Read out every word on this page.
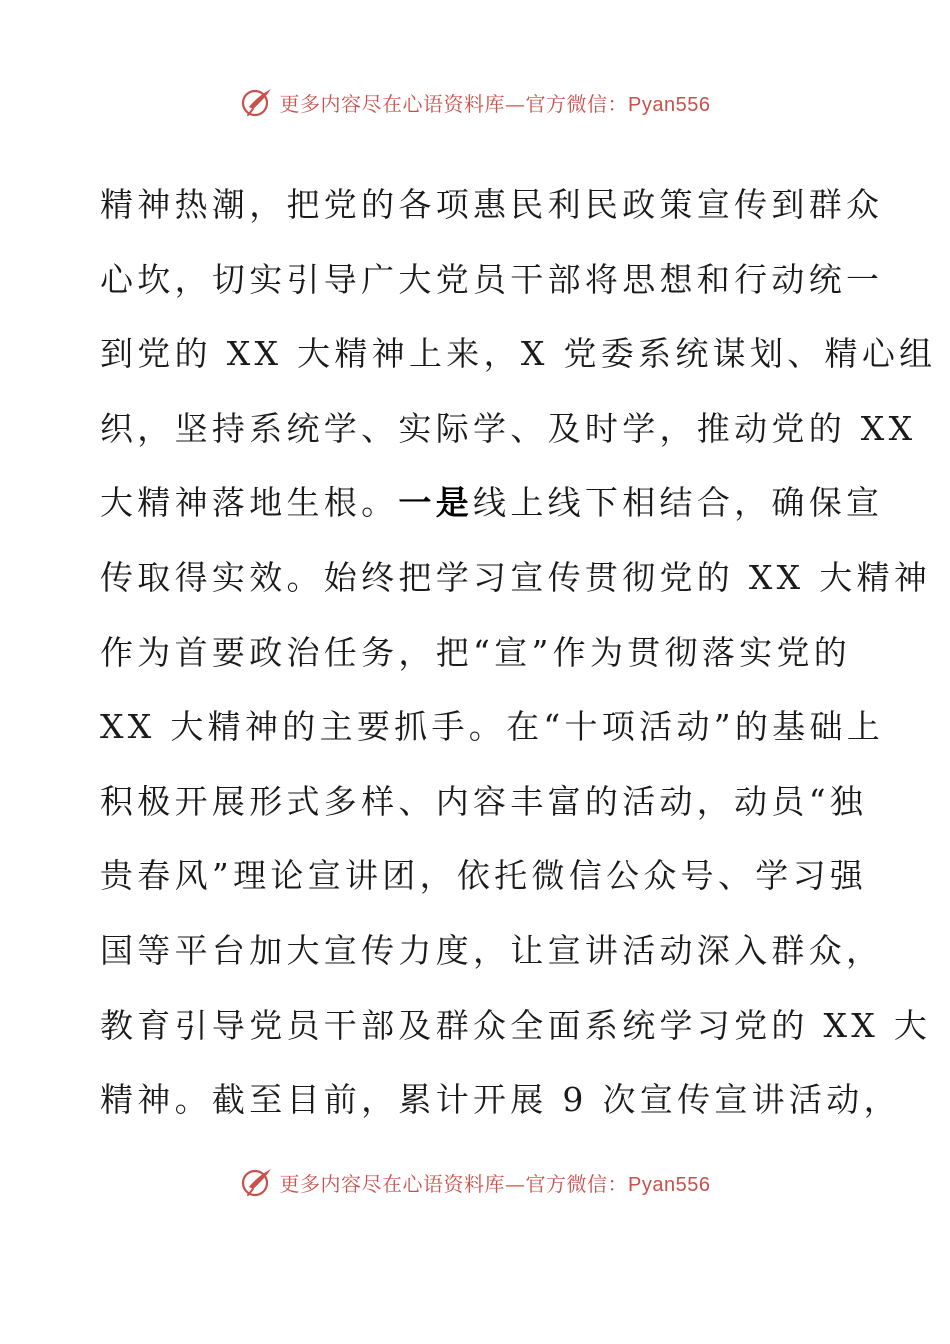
更多内容尽在心语资料库—官方微信：Pyan556
精神热潮，把党的各项惠民利民政策宣传到群众
心坎，切实引导广大党员干部将思想和行动统一
到党的 XX 大精神上来，X 党委系统谋划、精心组
织，坚持系统学、实际学、及时学，推动党的 XX
大精神落地生根。一是线上线下相结合，确保宣
传取得实效。始终把学习宣传贯彻党的 XX 大精神
作为首要政治任务，把“宣”作为贯彻落实党的
XX 大精神的主要抓手。在“十项活动”的基础上
积极开展形式多样、内容丰富的活动，动员“独
贵春风”理论宣讲团，依托微信公众号、学习强
国等平台加大宣传力度，让宣讲活动深入群众，
教育引导党员干部及群众全面系统学习党的 XX 大
精神。截至目前，累计开展 9 次宣传宣讲活动，
更多内容尽在心语资料库—官方微信：Pyan556
